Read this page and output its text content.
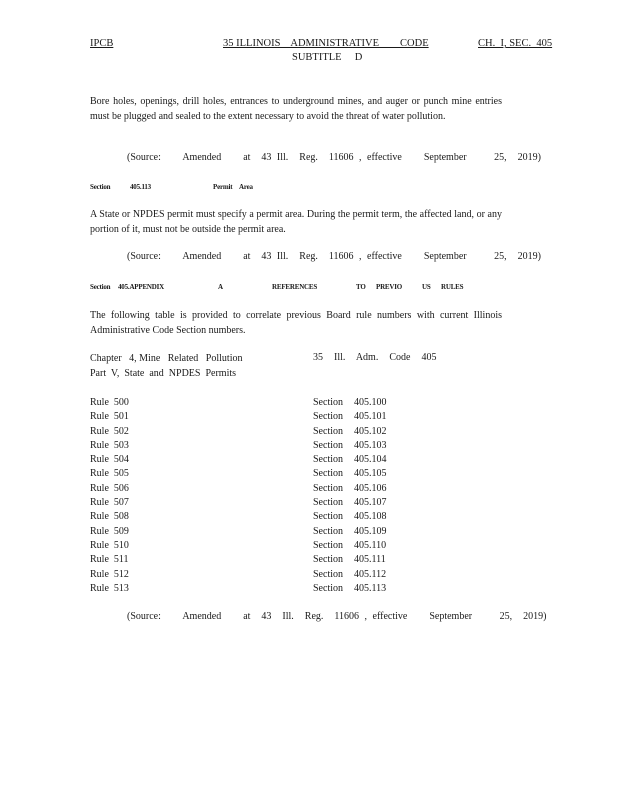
IPCB	35 ILLINOIS    ADMINISTRATIVE        CODE	CH.  I, SEC.  405
SUBTITLE     D
Bore holes, openings, drill holes, entrances to underground mines, and auger or punch mine entries must be plugged and sealed to the extent necessary to avoid the threat of water pollution.
(Source:    Amended    at  43 Ill.  Reg.  11606 , effective    September     25,  2019)
Section	405.113	Permit Area
A State or NPDES permit must specify a permit area. During the permit term, the affected land, or any portion of it, must not be outside the permit area.
(Source:    Amended    at  43 Ill.  Reg.  11606 , effective    September     25,  2019)
Section 405.APPENDIX	A	REFERENCES	TO PREVIO	US RULES
The following table is provided to correlate previous Board rule numbers with current Illinois Administrative Code Section numbers.
Chapter   4, Mine   Related   Pollution
Part  V,  State  and  NPDES  Permits
35  Ill.  Adm.  Code  405
Rule  500	Section  405.100
Rule  501	Section  405.101
Rule  502	Section  405.102
Rule  503	Section  405.103
Rule  504	Section  405.104
Rule  505	Section  405.105
Rule  506	Section  405.106
Rule  507	Section  405.107
Rule  508	Section  405.108
Rule  509	Section  405.109
Rule  510	Section  405.110
Rule  511	Section  405.111
Rule  512	Section  405.112
Rule  513	Section  405.113
(Source:    Amended    at  43  Ill.  Reg.  11606 , effective    September     25,  2019)
